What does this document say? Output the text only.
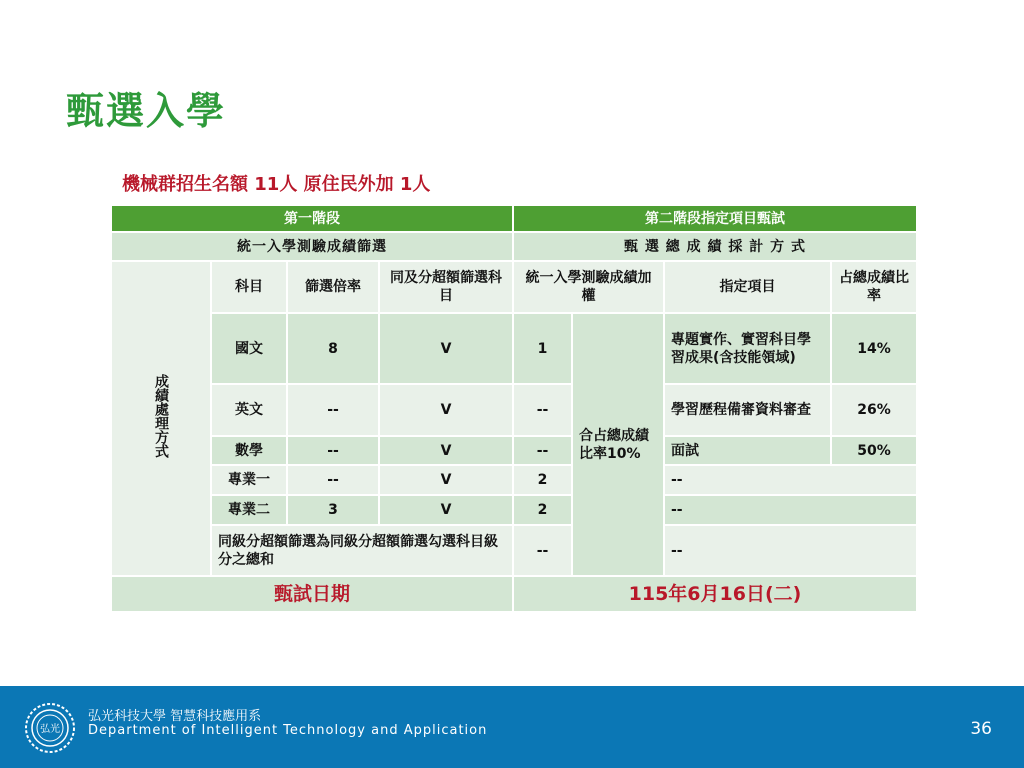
甄選入學
機械群招生名額 11人 原住民外加 1人
第一階段				第二階段指定項目甄試			
統一入學測驗成績篩選				甄 選 總 成 績 採 計 方 式			
成績處理方式	科目	篩選倍率	同及分超額篩選科目	統一入學測驗成績加權		指定項目	占總成績比率
	國文	8	V	1	合占總成績比率10%	專題實作、實習科目學習成果(含技能領域)	14%
	英文	--	V	--		學習歷程備審資料審查	26%
	數學	--	V	--		面試	50%
	專業一	--	V	2		--	
	專業二	3	V	2		--	
	同級分超額篩選為同級分超額篩選勾選科目級分之總和			--		--	
甄試日期				115年6月16日(二)			
弘光
弘光科技大學 智慧科技應用系
Department of Intelligent Technology and Application	36
